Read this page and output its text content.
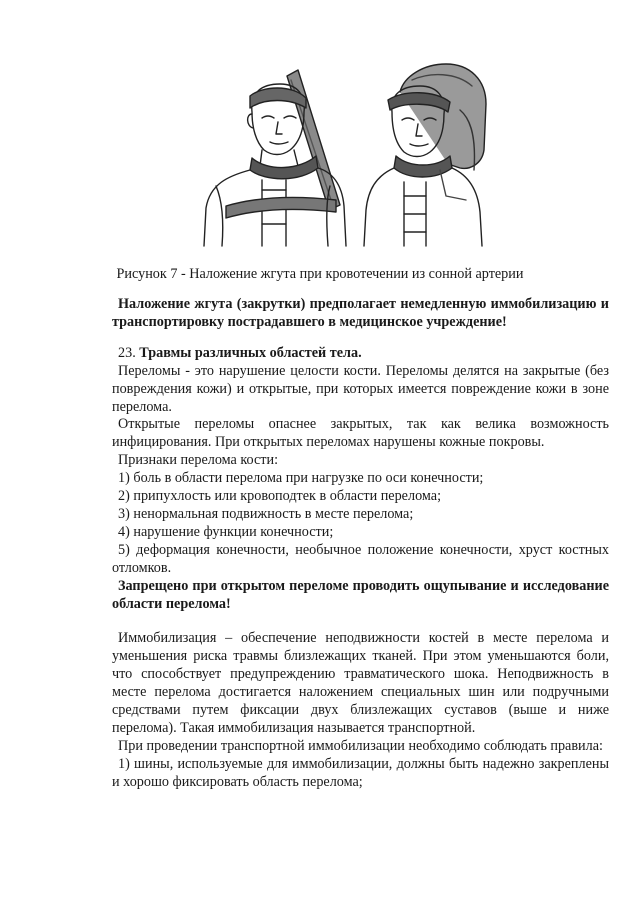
Рисунок 7 - Наложение жгута при кровотечении из сонной артерии

Наложение жгута (закрутки) предполагает немедленную иммобилизацию и транспортировку пострадавшего в медицинское учреждение!

23. Травмы различных областей тела.

Переломы - это нарушение целости кости. Переломы делятся на закрытые (без повреждения кожи) и открытые, при которых имеется повреждение кожи в зоне перелома.

Открытые переломы опаснее закрытых, так как велика возможность инфицирования. При открытых переломах нарушены кожные покровы.

Признаки перелома кости:

1) боль в области перелома при нагрузке по оси конечности;

2) припухлость или кровоподтек в области перелома;

3) ненормальная подвижность в месте перелома;

4) нарушение функции конечности;

5) деформация конечности, необычное положение конечности, хруст костных отломков.

Запрещено при открытом переломе проводить ощупывание и исследование области перелома!

Иммобилизация – обеспечение неподвижности костей в месте перелома и уменьшения риска травмы близлежащих тканей. При этом уменьшаются боли, что способствует предупреждению травматического шока. Неподвижность в месте перелома достигается наложением специальных шин или подручными средствами путем фиксации двух близлежащих суставов (выше и ниже перелома). Такая иммобилизация называется транспортной.

При проведении транспортной иммобилизации необходимо соблюдать правила:

1) шины, используемые для иммобилизации, должны быть надежно закреплены и хорошо фиксировать область перелома;
